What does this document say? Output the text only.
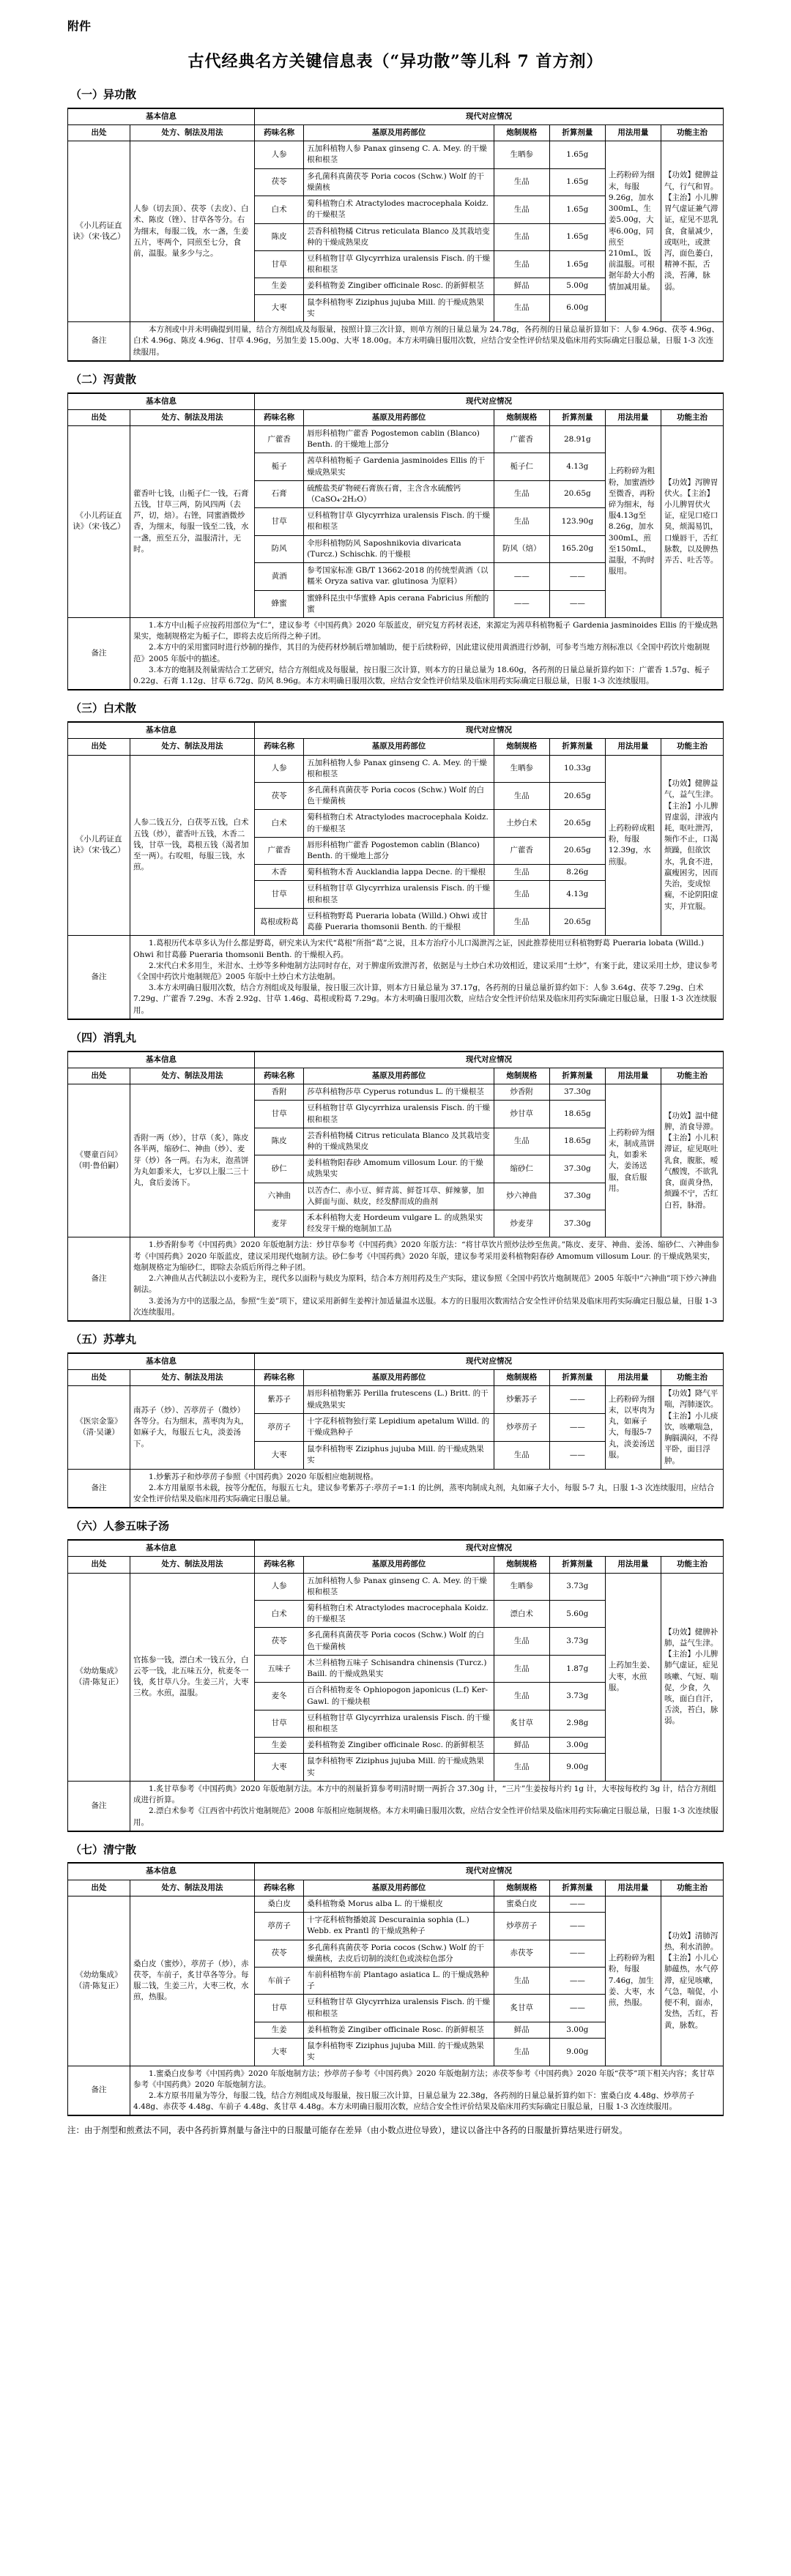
附件
古代经典名方关键信息表（“异功散”等儿科 7 首方剂）
（一）异功散
基本信息		现代对应情况					
出处	处方、制法及用法	药味名称	基原及用药部位	炮制规格	折算剂量	用法用量	功能主治
《小儿药证直诀》（宋·钱乙）	人参（切去顶）、茯苓（去皮）、白术、陈皮（锉）、甘草各等分。右为细末，每服二钱，水一盏，生姜五片，枣两个，同煎至七分，食前，温服。量多少与之。	人参	五加科植物人参 Panax ginseng C. A. Mey. 的干燥根和根茎	生晒参	1.65g	上药粉碎为细末，每服9.26g，加水300mL，生姜5.00g，大枣6.00g，同煎至210mL，饭前温服。可根据年龄大小酌情加减用量。	【功效】健脾益气，行气和胃。【主治】小儿脾胃气虚证兼气滞证，症见不思乳食，食量减少，或呕吐，或泄泻，面色萎白，精神不振，舌淡，苔薄，脉弱。
		茯苓	多孔菌科真菌茯苓 Poria cocos (Schw.) Wolf 的干燥菌核	生品	1.65g		
		白术	菊科植物白术 Atractylodes macrocephala Koidz. 的干燥根茎	生品	1.65g		
		陈皮	芸香科植物橘 Citrus reticulata Blanco 及其栽培变种的干燥成熟果皮	生品	1.65g		
		甘草	豆科植物甘草 Glycyrrhiza uralensis Fisch. 的干燥根和根茎	生品	1.65g		
		生姜	姜科植物姜 Zingiber officinale Rosc. 的新鲜根茎	鲜品	5.00g		
		大枣	鼠李科植物枣 Ziziphus jujuba Mill. 的干燥成熟果实	生品	6.00g		
备注	本方剂或中并未明确提到用量，结合方剂组成及每服量，按照计算三次计算，则单方剂的日量总量为 24.78g，各药剂的日量总量折算如下：人参 4.96g、茯苓 4.96g、白术 4.96g、陈皮 4.96g、甘草 4.96g，另加生姜 15.00g、大枣 18.00g。本方未明确日服用次数，应结合安全性评价结果及临床用药实际确定日服总量，日服 1-3 次连续服用。						

（二）泻黄散
基本信息		现代对应情况					
出处	处方、制法及用法	药味名称	基原及用药部位	炮制规格	折算剂量	用法用量	功能主治
《小儿药证直诀》（宋·钱乙）	藿香叶七钱，山栀子仁一钱，石膏五钱，甘草三两，防风四两（去芦，切，焙）。右锉，同蜜酒微炒香，为细末，每服一钱至二钱，水一盏，煎至五分，温服清汁，无时。	广藿香	唇形科植物广藿香 Pogostemon cablin (Blanco) Benth. 的干燥地上部分	广藿香	28.91g	上药粉碎为粗粉，加蜜酒炒至微香，再粉碎为细末，每服4.13g至8.26g，加水300mL，煎至150mL，温服，不拘时服用。	【功效】泻脾胃伏火。【主治】小儿脾胃伏火证，症见口疮口臭，烦渴易饥，口燥唇干，舌红脉数，以及脾热弄舌、吐舌等。
		栀子	茜草科植物栀子 Gardenia jasminoides Ellis 的干燥成熟果实	栀子仁	4.13g		
		石膏	硫酸盐类矿物硬石膏族石膏，主含含水硫酸钙（CaSO₄·2H₂O）	生品	20.65g		
		甘草	豆科植物甘草 Glycyrrhiza uralensis Fisch. 的干燥根和根茎	生品	123.90g		
		防风	伞形科植物防风 Saposhnikovia divaricata (Turcz.) Schischk. 的干燥根	防风（焙）	165.20g		
		黄酒	参考国家标准 GB/T 13662-2018 的传统型黄酒（以糯米 Oryza sativa var. glutinosa 为原料）	——	——		
		蜂蜜	蜜蜂科昆虫中华蜜蜂 Apis cerana Fabricius 所酿的蜜	——	——		
备注	1.本方中山栀子应按药用部位为“仁”，建议参考《中国药典》2020 年版蓝皮，研究复方药材表述，来源定为茜草科植物栀子 Gardenia jasminoides Ellis 的干燥成熟果实，炮制规格定为栀子仁，即将去皮后所得之种子团。

2.本方中的采用蜜同时进行炒制的操作，其目的为使药材炒制后增加辅助，便于后续粉碎，因此建议使用黄酒进行炒制，可参考当地方剂标准以《全国中药饮片炮制规范》2005 年版中的描述。

3.本方的炮制及剂量需结合工艺研究，结合方剂组成及每服量，按日服三次计算，则本方的日量总量为 18.60g，各药剂的日量总量折算约如下：广藿香 1.57g、栀子 0.22g、石膏 1.12g、甘草 6.72g、防风 8.96g。本方未明确日服用次数，应结合安全性评价结果及临床用药实际确定日服总量，日服 1-3 次连续服用。						

（三）白术散
基本信息		现代对应情况					
出处	处方、制法及用法	药味名称	基原及用药部位	炮制规格	折算剂量	用法用量	功能主治
《小儿药证直诀》（宋·钱乙）	人参二钱五分，白茯苓五钱，白术五钱（炒），藿香叶五钱，木香二钱，甘草一钱，葛根五钱（渴者加至一两）。右㕮咀，每服三钱，水煎。	人参	五加科植物人参 Panax ginseng C. A. Mey. 的干燥根和根茎	生晒参	10.33g	上药粉碎成粗粉，每服12.39g，水煎服。	【功效】健脾益气，益气生津。【主治】小儿脾胃虚弱，津液内耗，呕吐泄泻，频作不止，口渴烦躁，但欲饮水，乳食不进，羸瘦困劣，因而失治，变成惊痫，不论阴阳虚实，并宜服。
		茯苓	多孔菌科真菌茯苓 Poria cocos (Schw.) Wolf 的白色干燥菌核	生品	20.65g		
		白术	菊科植物白术 Atractylodes macrocephala Koidz. 的干燥根茎	土炒白术	20.65g		
		广藿香	唇形科植物广藿香 Pogostemon cablin (Blanco) Benth. 的干燥地上部分	广藿香	20.65g		
		木香	菊科植物木香 Aucklandia lappa Decne. 的干燥根	生品	8.26g		
		甘草	豆科植物甘草 Glycyrrhiza uralensis Fisch. 的干燥根和根茎	生品	4.13g		
		葛根或粉葛	豆科植物野葛 Pueraria lobata (Willd.) Ohwi 或甘葛藤 Pueraria thomsonii Benth. 的干燥根	生品	20.65g		
备注	1.葛根历代本草多认为什么都是野葛，研究来认为宋代“葛根”所指“葛”之说，且本方治疗小儿口渴泄泻之证，因此推荐使用豆科植物野葛 Pueraria lobata (Willd.) Ohwi 和甘葛藤 Pueraria thomsonii Benth. 的干燥根入药。

2.宋代白术多用生，米泔水、土炒等多种炮制方法同时存在，对于脾虚所致泄泻者，依据是与土炒白术功效相近，建议采用“土炒”，有案于此，建议采用土炒，建议参考《全国中药饮片炮制规范》2005 年版中土炒白术方法炮制。

3.本方未明确日服用次数，结合方剂组成及每服量，按日服三次计算，则本方日量总量为 37.17g，各药剂的日量总量折算约如下：人参 3.64g、茯苓 7.29g、白术 7.29g、广藿香 7.29g、木香 2.92g、甘草 1.46g、葛根或粉葛 7.29g。本方未明确日服用次数，应结合安全性评价结果及临床用药实际确定日服总量，日服 1-3 次连续服用。						

（四）消乳丸
基本信息		现代对应情况					
出处	处方、制法及用法	药味名称	基原及用药部位	炮制规格	折算剂量	用法用量	功能主治
《婴童百问》（明·鲁伯嗣）	香附一两（炒），甘草（炙），陈皮各半两，缩砂仁、神曲（炒）、麦芽（炒）各一两。右为末，泡蒸饼为丸如黍米大，七岁以上服二三十丸，食后姜汤下。	香附	莎草科植物莎草 Cyperus rotundus L. 的干燥根茎	炒香附	37.30g	上药粉碎为细末，制成蒸饼丸，如黍米大，姜汤送服，食后服用。	【功效】温中健脾，消食导滞。【主治】小儿积滞证，症见呕吐乳食，腹胀，嗳气酸馊，不欲乳食，面黄身热，烦躁不宁，舌红白苔，脉滑。
		甘草	豆科植物甘草 Glycyrrhiza uralensis Fisch. 的干燥根和根茎	炒甘草	18.65g		
		陈皮	芸香科植物橘 Citrus reticulata Blanco 及其栽培变种的干燥成熟果皮	生品	18.65g		
		砂仁	姜科植物阳春砂 Amomum villosum Lour. 的干燥成熟果实	缩砂仁	37.30g		
		六神曲	以苦杏仁、赤小豆、鲜青蒿、鲜苍耳草、鲜辣蓼，加入鲜面与面、麸皮，经发酵而成的曲剂	炒六神曲	37.30g		
		麦芽	禾本科植物大麦 Hordeum vulgare L. 的成熟果实经发芽干燥的炮制加工品	炒麦芽	37.30g		
备注	1.炒香附参考《中国药典》2020 年版炮制方法：炒甘草参考《中国药典》2020 年版方法：“将甘草饮片照炒法炒至焦黄。”陈皮、麦芽、神曲、姜汤、缩砂仁、六神曲参考《中国药典》2020 年版蓝皮，建议采用现代炮制方法。砂仁参考《中国药典》2020 年版，建议参考采用姜科植物阳春砂 Amomum villosum Lour. 的干燥成熟果实，炮制规格定为缩砂仁，即除去杂质后所得之种子团。

2.六神曲从古代制法以小麦粉为主，现代多以面粉与麸皮为原料，结合本方剂用药及生产实际，建议参照《全国中药饮片炮制规范》2005 年版中“六神曲”项下炒六神曲制法。

3.姜汤为方中的送服之品，参照“生姜”项下，建议采用新鲜生姜榨汁加适量温水送服。本方的日服用次数需结合安全性评价结果及临床用药实际确定日服总量，日服 1-3 次连续服用。						

（五）苏葶丸
基本信息		现代对应情况					
出处	处方、制法及用法	药味名称	基原及用药部位	炮制规格	折算剂量	用法用量	功能主治
《医宗金鉴》（清·吴谦）	南苏子（炒）、苦葶苈子（微炒）各等分。右为细末，蒸枣肉为丸，如麻子大，每服五七丸，淡姜汤下。	紫苏子	唇形科植物紫苏 Perilla frutescens (L.) Britt. 的干燥成熟果实	炒紫苏子	——	上药粉碎为细末，以枣肉为丸，如麻子大，每服5-7丸，淡姜汤送服。	【功效】降气平喘，泻肺逐饮。【主治】小儿痰饮，咳嗽喘急，胸膈满闷，不得平卧，面目浮肿。
		葶苈子	十字花科植物独行菜 Lepidium apetalum Willd. 的干燥成熟种子	炒葶苈子	——		
		大枣	鼠李科植物枣 Ziziphus jujuba Mill. 的干燥成熟果实	生品	——		
备注	1.炒紫苏子和炒葶苈子参照《中国药典》2020 年版相应炮制规格。

2.本方用量原书未载，按等分配伍，每服五七丸，建议参考紫苏子:葶苈子=1:1 的比例，蒸枣肉制成丸剂，丸如麻子大小，每服 5-7 丸，日服 1-3 次连续服用，应结合安全性评价结果及临床用药实际确定日服总量。						

（六）人参五味子汤
基本信息		现代对应情况					
出处	处方、制法及用法	药味名称	基原及用药部位	炮制规格	折算剂量	用法用量	功能主治
《幼幼集成》（清·陈复正）	官拣参一钱，漂白术一钱五分，白云苓一钱，北五味五分，杭麦冬一钱，炙甘草八分。生姜三片，大枣三枚。水煎，温服。	人参	五加科植物人参 Panax ginseng C. A. Mey. 的干燥根和根茎	生晒参	3.73g	上药加生姜、大枣，水煎服。	【功效】健脾补肺，益气生津。【主治】小儿脾肺气虚证，症见咳嗽、气短、喘促，少食，久咳，面白自汗，舌淡，苔白，脉弱。
		白术	菊科植物白术 Atractylodes macrocephala Koidz. 的干燥根茎	漂白术	5.60g		
		茯苓	多孔菌科真菌茯苓 Poria cocos (Schw.) Wolf 的白色干燥菌核	生品	3.73g		
		五味子	木兰科植物五味子 Schisandra chinensis (Turcz.) Baill. 的干燥成熟果实	生品	1.87g		
		麦冬	百合科植物麦冬 Ophiopogon japonicus (L.f) Ker-Gawl. 的干燥块根	生品	3.73g		
		甘草	豆科植物甘草 Glycyrrhiza uralensis Fisch. 的干燥根和根茎	炙甘草	2.98g		
		生姜	姜科植物姜 Zingiber officinale Rosc. 的新鲜根茎	鲜品	3.00g		
		大枣	鼠李科植物枣 Ziziphus jujuba Mill. 的干燥成熟果实	生品	9.00g		
备注	1.炙甘草参考《中国药典》2020 年版炮制方法。本方中的剂量折算参考明清时期一两折合 37.30g 计，“三片”生姜按每片约 1g 计，大枣按每枚约 3g 计，结合方剂组成进行折算。

2.漂白术参考《江西省中药饮片炮制规范》2008 年版相应炮制规格。本方未明确日服用次数，应结合安全性评价结果及临床用药实际确定日服总量，日服 1-3 次连续服用。						

（七）清宁散
基本信息		现代对应情况					
出处	处方、制法及用法	药味名称	基原及用药部位	炮制规格	折算剂量	用法用量	功能主治
《幼幼集成》（清·陈复正）	桑白皮（蜜炒），葶苈子（炒），赤茯苓，车前子，炙甘草各等分。每服二钱，生姜三片，大枣三枚，水煎，热服。	桑白皮	桑科植物桑 Morus alba L. 的干燥根皮	蜜桑白皮	——	上药粉碎为粗粉，每服7.46g，加生姜、大枣，水煎，热服。	【功效】清肺泻热，利水消肿。【主治】小儿心肺蕴热，水气停滞，症见咳嗽，气急，喘促，小便不利，面赤，发热，舌红，苔黄，脉数。
		葶苈子	十字花科植物播娘蒿 Descurainia sophia (L.) Webb. ex Prantl 的干燥成熟种子	炒葶苈子	——		
		茯苓	多孔菌科真菌茯苓 Poria cocos (Schw.) Wolf 的干燥菌核，去皮后切制的淡红色或淡棕色部分	赤茯苓	——		
		车前子	车前科植物车前 Plantago asiatica L. 的干燥成熟种子	生品	——		
		甘草	豆科植物甘草 Glycyrrhiza uralensis Fisch. 的干燥根和根茎	炙甘草	——		
		生姜	姜科植物姜 Zingiber officinale Rosc. 的新鲜根茎	鲜品	3.00g		
		大枣	鼠李科植物枣 Ziziphus jujuba Mill. 的干燥成熟果实	生品	9.00g		
备注	1.蜜桑白皮参考《中国药典》2020 年版炮制方法；炒葶苈子参考《中国药典》2020 年版炮制方法；赤茯苓参考《中国药典》2020 年版“茯苓”项下相关内容；炙甘草参考《中国药典》2020 年版炮制方法。

2.本方原书用量为等分，每服二钱，结合方剂组成及每服量，按日服三次计算，日量总量为 22.38g，各药剂的日量总量折算约如下：蜜桑白皮 4.48g、炒葶苈子 4.48g、赤茯苓 4.48g、车前子 4.48g、炙甘草 4.48g。本方未明确日服用次数，应结合安全性评价结果及临床用药实际确定日服总量，日服 1-3 次连续服用。						

注：由于剂型和煎煮法不同，表中各药折算剂量与备注中的日服量可能存在差异（由小数点进位导致），建议以备注中各药的日服量折算结果进行研发。
